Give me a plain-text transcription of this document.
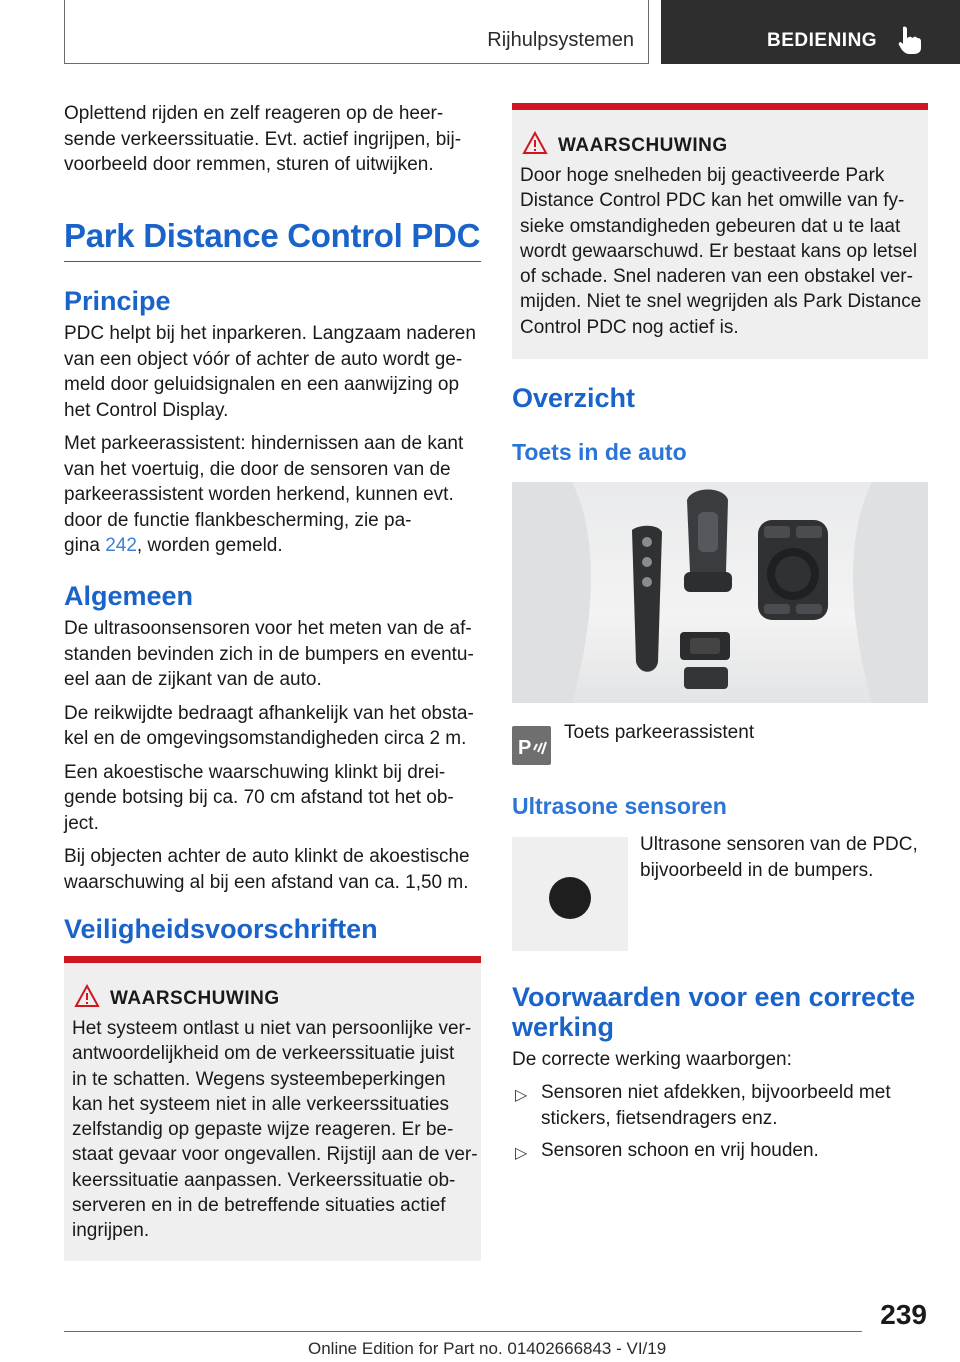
Rijhulpsystemen	BEDIENING

Oplettend rijden en zelf reageren op de heer-
sende verkeerssituatie. Evt. actief ingrijpen, bij-
voorbeeld door remmen, sturen of uitwijken.

Park Distance Control PDC
Principe

PDC helpt bij het inparkeren. Langzaam naderen
van een object vóór of achter de auto wordt ge-
meld door geluidsignalen en een aanwijzing op
het Control Display.

Met parkeerassistent: hindernissen aan de kant
van het voertuig, die door de sensoren van de
parkeerassistent worden herkend, kunnen evt.
door de functie flankbescherming, zie pa-
gina 242, worden gemeld.

Algemeen

De ultrasoonsensoren voor het meten van de af-
standen bevinden zich in de bumpers en eventu-
eel aan de zijkant van de auto.

De reikwijdte bedraagt afhankelijk van het obsta-
kel en de omgevingsomstandigheden circa 2 m.

Een akoestische waarschuwing klinkt bij drei-
gende botsing bij ca. 70 cm afstand tot het ob-
ject.

Bij objecten achter de auto klinkt de akoestische
waarschuwing al bij een afstand van ca. 1,50 m.

Veiligheidsvoorschriften
WAARSCHUWING
Het systeem ontlast u niet van persoonlijke ver-
antwoordelijkheid om de verkeerssituatie juist
in te schatten. Wegens systeembeperkingen
kan het systeem niet in alle verkeerssituaties
zelfstandig op gepaste wijze reageren. Er be-
staat gevaar voor ongevallen. Rijstijl aan de ver-
keerssituatie aanpassen. Verkeerssituatie ob-
serveren en in de betreffende situaties actief
ingrijpen.
WAARSCHUWING
Door hoge snelheden bij geactiveerde Park
Distance Control PDC kan het omwille van fy-
sieke omstandigheden gebeuren dat u te laat
wordt gewaarschuwd. Er bestaat kans op letsel
of schade. Snel naderen van een obstakel ver-
mijden. Niet te snel wegrijden als Park Distance
Control PDC nog actief is.
Overzicht
Toets in de auto
P
Toets parkeerassistent
Ultrasone sensoren
Ultrasone sensoren van de PDC,
bijvoorbeeld in de bumpers.
Voorwaarden voor een correcte
werking
De correcte werking waarborgen:
▷ Sensoren niet afdekken, bijvoorbeeld met
stickers, fietsendragers enz.
▷ Sensoren schoon en vrij houden.
239
Online Edition for Part no. 01402666843 - VI/19
